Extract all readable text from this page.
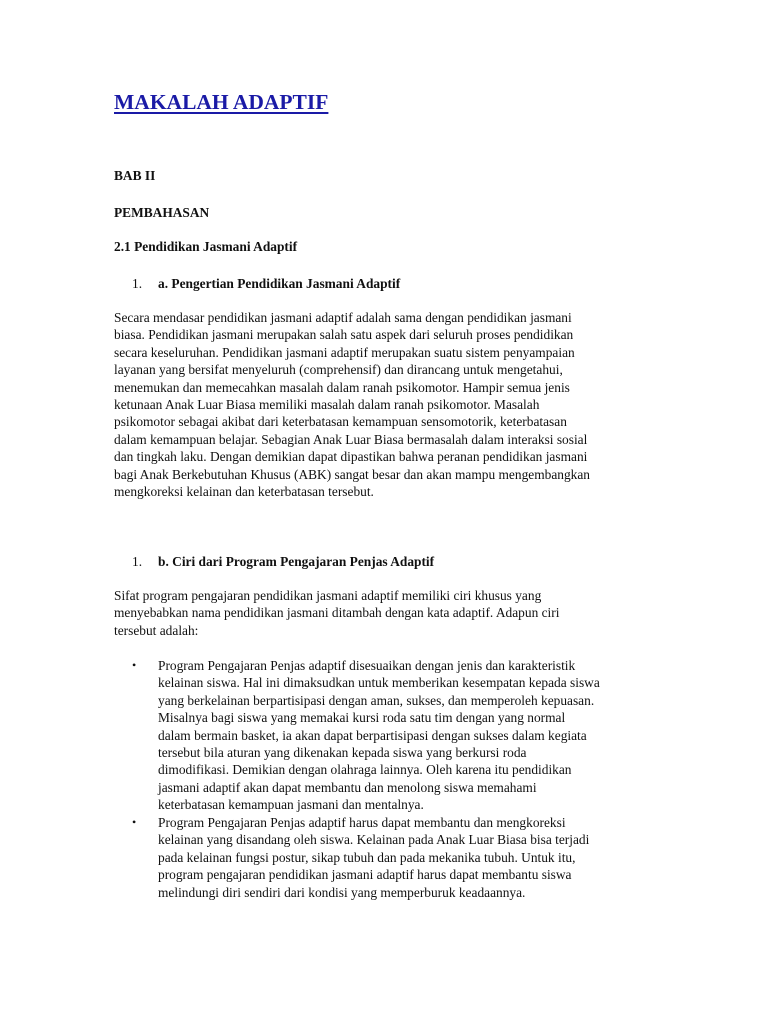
MAKALAH ADAPTIF

BAB II

PEMBAHASAN

2.1 Pendidikan Jasmani Adaptif

1. a. Pengertian Pendidikan Jasmani Adaptif

Secara mendasar pendidikan jasmani adaptif adalah sama dengan pendidikan jasmani
biasa. Pendidikan jasmani merupakan salah satu aspek dari seluruh proses pendidikan
secara keseluruhan. Pendidikan jasmani adaptif merupakan suatu sistem penyampaian
layanan yang bersifat menyeluruh (comprehensif) dan dirancang untuk mengetahui,
menemukan dan memecahkan masalah dalam ranah psikomotor. Hampir semua jenis
ketunaan Anak Luar Biasa memiliki masalah dalam ranah psikomotor. Masalah
psikomotor sebagai akibat dari keterbatasan kemampuan sensomotorik, keterbatasan
dalam kemampuan belajar. Sebagian Anak Luar Biasa bermasalah dalam interaksi sosial
dan tingkah laku. Dengan demikian dapat dipastikan bahwa peranan pendidikan jasmani
bagi Anak Berkebutuhan Khusus (ABK) sangat besar dan akan mampu mengembangkan
mengkoreksi kelainan dan keterbatasan tersebut.

1. b. Ciri dari Program Pengajaran Penjas Adaptif

Sifat program pengajaran pendidikan jasmani adaptif memiliki ciri khusus yang
menyebabkan nama pendidikan jasmani ditambah dengan kata adaptif. Adapun ciri
tersebut adalah:
• Program Pengajaran Penjas adaptif disesuaikan dengan jenis dan karakteristik
kelainan siswa. Hal ini dimaksudkan untuk memberikan kesempatan kepada siswa
yang berkelainan berpartisipasi dengan aman, sukses, dan memperoleh kepuasan.
Misalnya bagi siswa yang memakai kursi roda satu tim dengan yang normal
dalam bermain basket, ia akan dapat berpartisipasi dengan sukses dalam kegiata
tersebut bila aturan yang dikenakan kepada siswa yang berkursi roda
dimodifikasi. Demikian dengan olahraga lainnya. Oleh karena itu pendidikan
jasmani adaptif akan dapat membantu dan menolong siswa memahami
keterbatasan kemampuan jasmani dan mentalnya.
• Program Pengajaran Penjas adaptif harus dapat membantu dan mengkoreksi
kelainan yang disandang oleh siswa. Kelainan pada Anak Luar Biasa bisa terjadi
pada kelainan fungsi postur, sikap tubuh dan pada mekanika tubuh. Untuk itu,
program pengajaran pendidikan jasmani adaptif harus dapat membantu siswa
melindungi diri sendiri dari kondisi yang memperburuk keadaannya.
